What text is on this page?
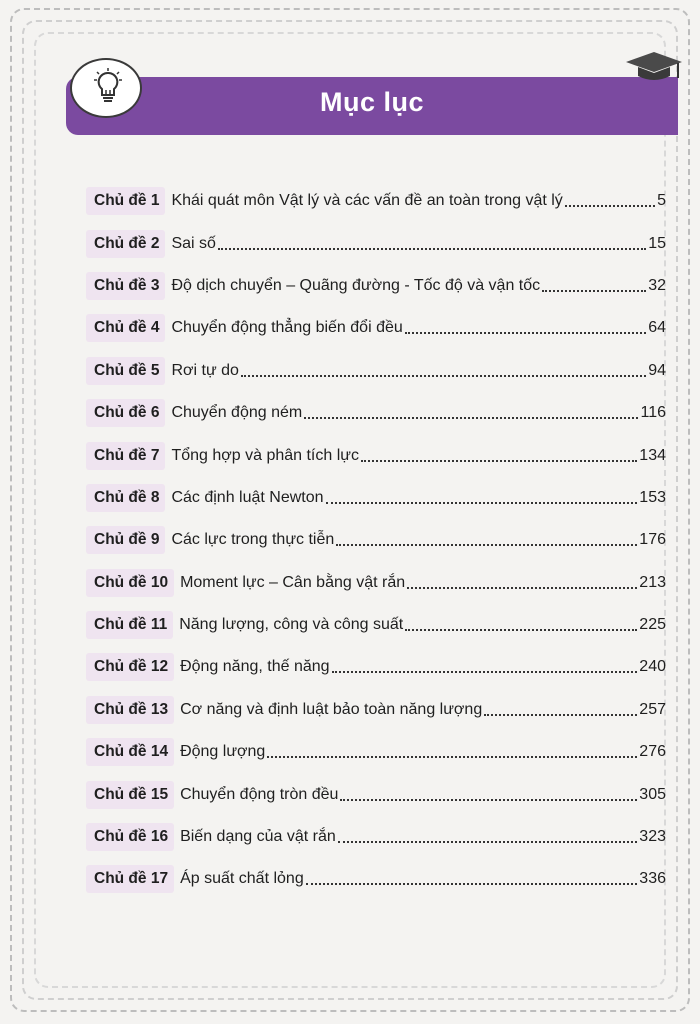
Mục lục
Chủ đề 1 Khái quát môn Vật lý và các vấn đề an toàn trong vật lý	5
Chủ đề 2 Sai số	15
Chủ đề 3 Độ dịch chuyển – Quãng đường - Tốc độ và vận tốc	32
Chủ đề 4 Chuyển động thẳng biến đổi đều	64
Chủ đề 5 Rơi tự do	94
Chủ đề 6 Chuyển động ném	116
Chủ đề 7 Tổng hợp và phân tích lực	134
Chủ đề 8 Các định luật Newton	153
Chủ đề 9 Các lực trong thực tiễn	176
Chủ đề 10 Moment lực – Cân bằng vật rắn	213
Chủ đề 11 Năng lượng, công và công suất	225
Chủ đề 12 Động năng, thế năng	240
Chủ đề 13 Cơ năng và định luật bảo toàn năng lượng	257
Chủ đề 14 Động lượng	276
Chủ đề 15 Chuyển động tròn đều	305
Chủ đề 16 Biến dạng của vật rắn	323
Chủ đề 17 Áp suất chất lỏng	336
